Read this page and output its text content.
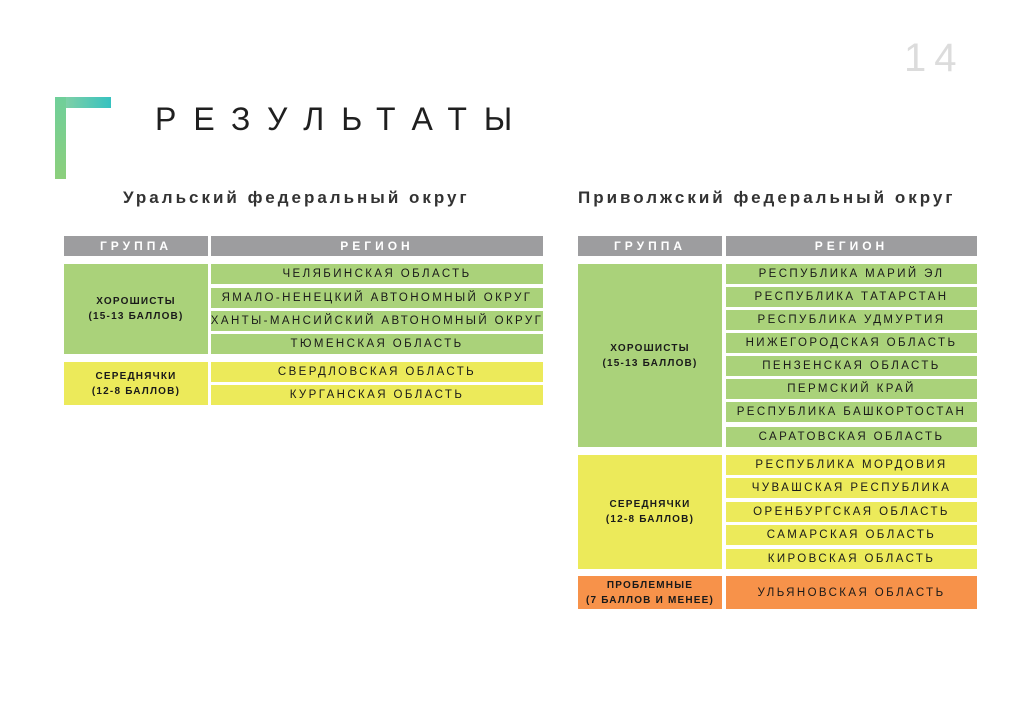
14
РЕЗУЛЬТАТЫ
Уральский федеральный округ
ГРУППА	РЕГИОН
ХОРОШИСТЫ
(15-13 БАЛЛОВ)
ЧЕЛЯБИНСКАЯ ОБЛАСТЬ
ЯМАЛО-НЕНЕЦКИЙ АВТОНОМНЫЙ ОКРУГ
ХАНТЫ-МАНСИЙСКИЙ АВТОНОМНЫЙ ОКРУГ
ТЮМЕНСКАЯ ОБЛАСТЬ
СЕРЕДНЯЧКИ
(12-8 БАЛЛОВ)
СВЕРДЛОВСКАЯ ОБЛАСТЬ
КУРГАНСКАЯ ОБЛАСТЬ
Приволжский федеральный округ
ГРУППА	РЕГИОН
ХОРОШИСТЫ
(15-13 БАЛЛОВ)
РЕСПУБЛИКА МАРИЙ ЭЛ
РЕСПУБЛИКА ТАТАРСТАН
РЕСПУБЛИКА УДМУРТИЯ
НИЖЕГОРОДСКАЯ ОБЛАСТЬ
ПЕНЗЕНСКАЯ ОБЛАСТЬ
ПЕРМСКИЙ КРАЙ
РЕСПУБЛИКА БАШКОРТОСТАН
САРАТОВСКАЯ ОБЛАСТЬ
СЕРЕДНЯЧКИ
(12-8 БАЛЛОВ)
РЕСПУБЛИКА МОРДОВИЯ
ЧУВАШСКАЯ РЕСПУБЛИКА
ОРЕНБУРГСКАЯ ОБЛАСТЬ
САМАРСКАЯ ОБЛАСТЬ
КИРОВСКАЯ ОБЛАСТЬ
ПРОБЛЕМНЫЕ
(7 БАЛЛОВ И МЕНЕЕ)
УЛЬЯНОВСКАЯ ОБЛАСТЬ
